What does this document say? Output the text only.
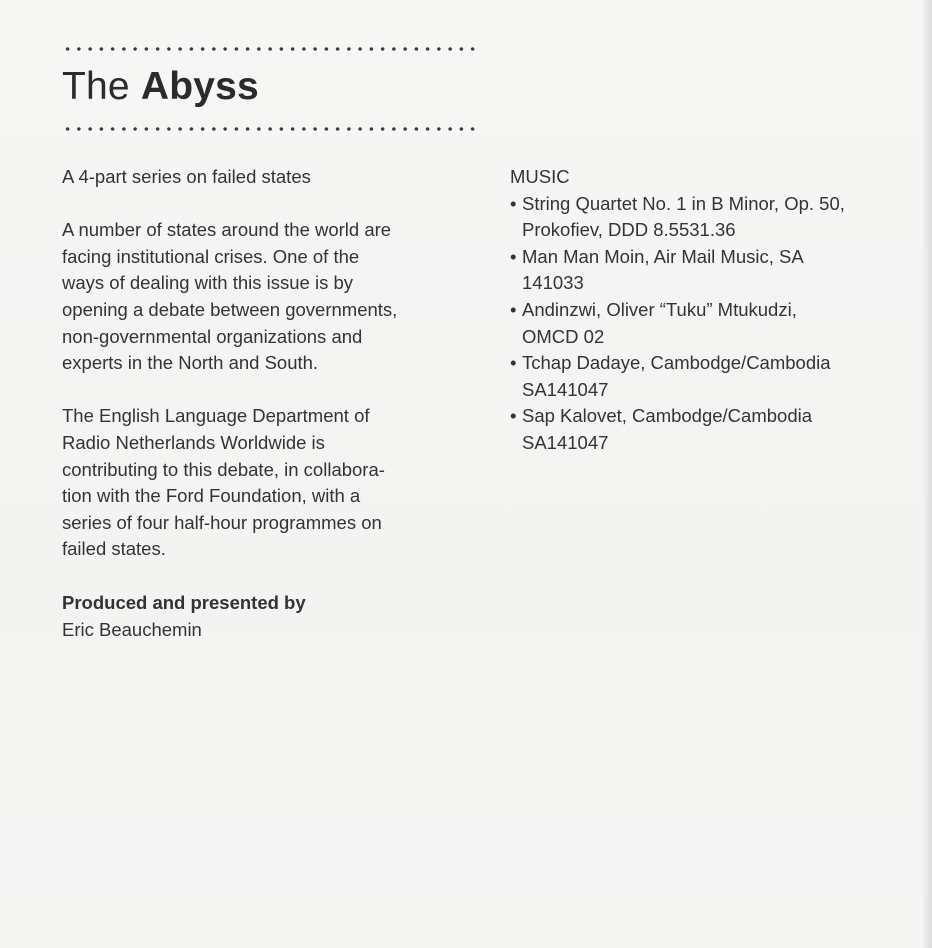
The Abyss

A 4-part series on failed states

A number of states around the world are

facing institutional crises. One of the

ways of dealing with this issue is by

opening a debate between governments,

non-governmental organizations and

experts in the North and South.

The English Language Department of

Radio Netherlands Worldwide is

contributing to this debate, in collabora-

tion with the Ford Foundation, with a

series of four half-hour programmes on

failed states.

Produced and presented by

Eric Beauchemin

MUSIC

• String Quartet No. 1 in B Minor, Op. 50,

Prokofiev, DDD 8.5531.36

• Man Man Moin, Air Mail Music, SA

141033

• Andinzwi, Oliver “Tuku” Mtukudzi,

OMCD 02

• Tchap Dadaye, Cambodge/Cambodia

SA141047

• Sap Kalovet, Cambodge/Cambodia

SA141047
